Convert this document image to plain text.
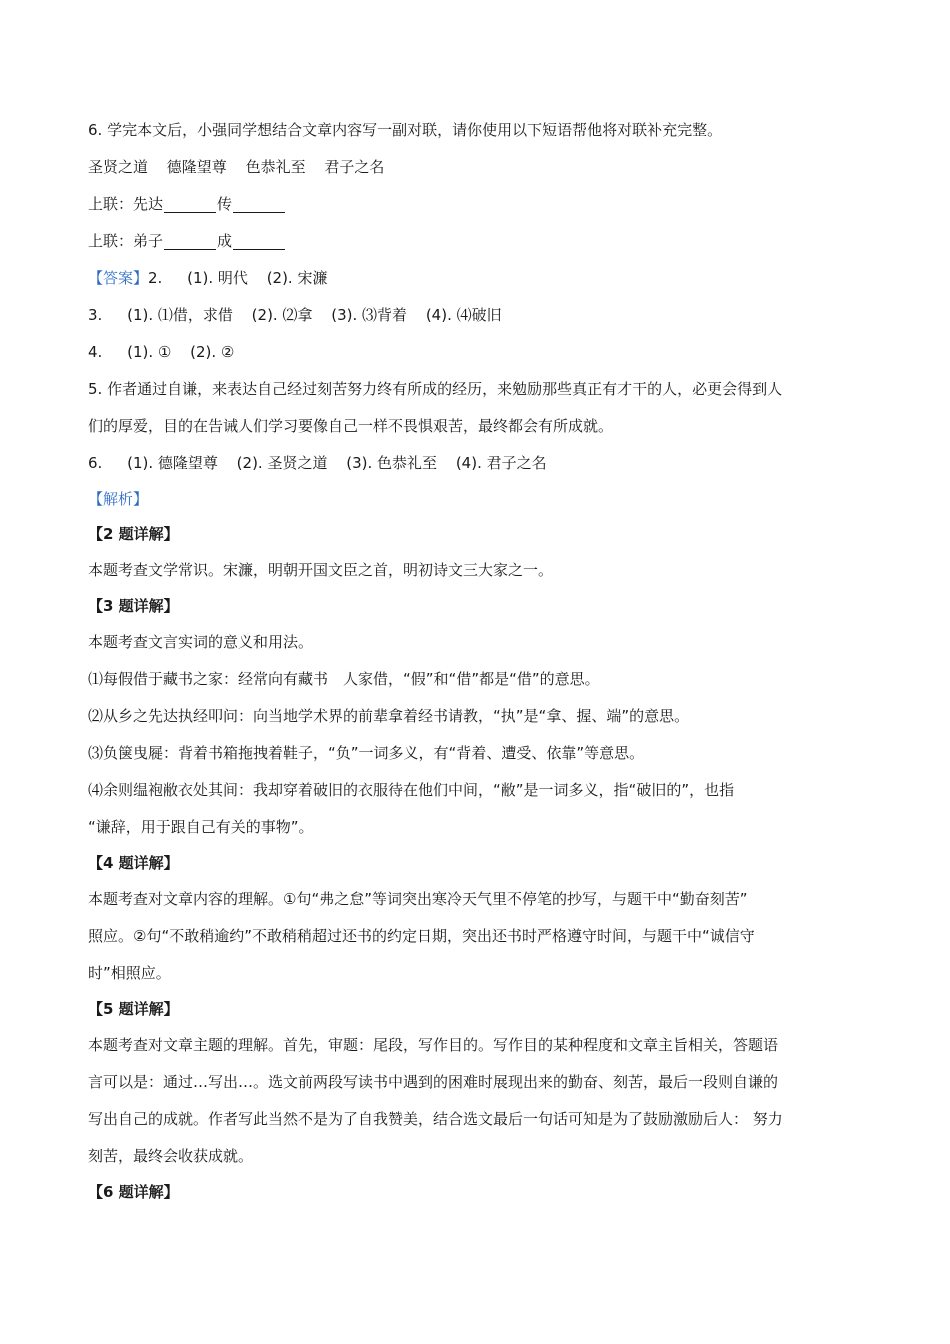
6. 学完本文后，小强同学想结合文章内容写一副对联，请你使用以下短语帮他将对联补充完整。
圣贤之道 德隆望尊 色恭礼至 君子之名
上联：先达	传
上联：弟子	成
【答案】2. (1). 明代 (2). 宋濂
3. (1). ⑴借，求借 (2). ⑵拿 (3). ⑶背着 (4). ⑷破旧
4. (1). ① (2). ②
5. 作者通过自谦，来表达自己经过刻苦努力终有所成的经历，来勉励那些真正有才干的人，必更会得到人
们的厚爱，目的在告诫人们学习要像自己一样不畏惧艰苦，最终都会有所成就。
6. (1). 德隆望尊 (2). 圣贤之道 (3). 色恭礼至 (4). 君子之名
【解析】
【2 题详解】
本题考查文学常识。宋濂，明朝开国文臣之首，明初诗文三大家之一。
【3 题详解】
本题考查文言实词的意义和用法。
⑴每假借于藏书之家：经常向有藏书　人家借，“假”和“借”都是“借”的意思。
⑵从乡之先达执经叩问：向当地学术界的前辈拿着经书请教，“执”是“拿、握、端”的意思。
⑶负箧曳屣：背着书箱拖拽着鞋子，“负”一词多义，有“背着、遭受、依靠”等意思。
⑷余则缊袍敝衣处其间：我却穿着破旧的衣服待在他们中间，“敝”是一词多义，指“破旧的”，也指
“谦辞，用于跟自己有关的事物”。
【4 题详解】
本题考查对文章内容的理解。①句“弗之怠”等词突出寒冷天气里不停笔的抄写，与题干中“勤奋刻苦”
照应。②句“不敢稍逾约”不敢稍稍超过还书的约定日期，突出还书时严格遵守时间，与题干中“诚信守
时”相照应。
【5 题详解】
本题考查对文章主题的理解。首先，审题：尾段，写作目的。写作目的某种程度和文章主旨相关，答题语
言可以是：通过…写出…。选文前两段写读书中遇到的困难时展现出来的勤奋、刻苦，最后一段则自谦的
写出自己的成就。作者写此当然不是为了自我赞美，结合选文最后一句话可知是为了鼓励激励后人： 努力
刻苦，最终会收获成就。
【6 题详解】
